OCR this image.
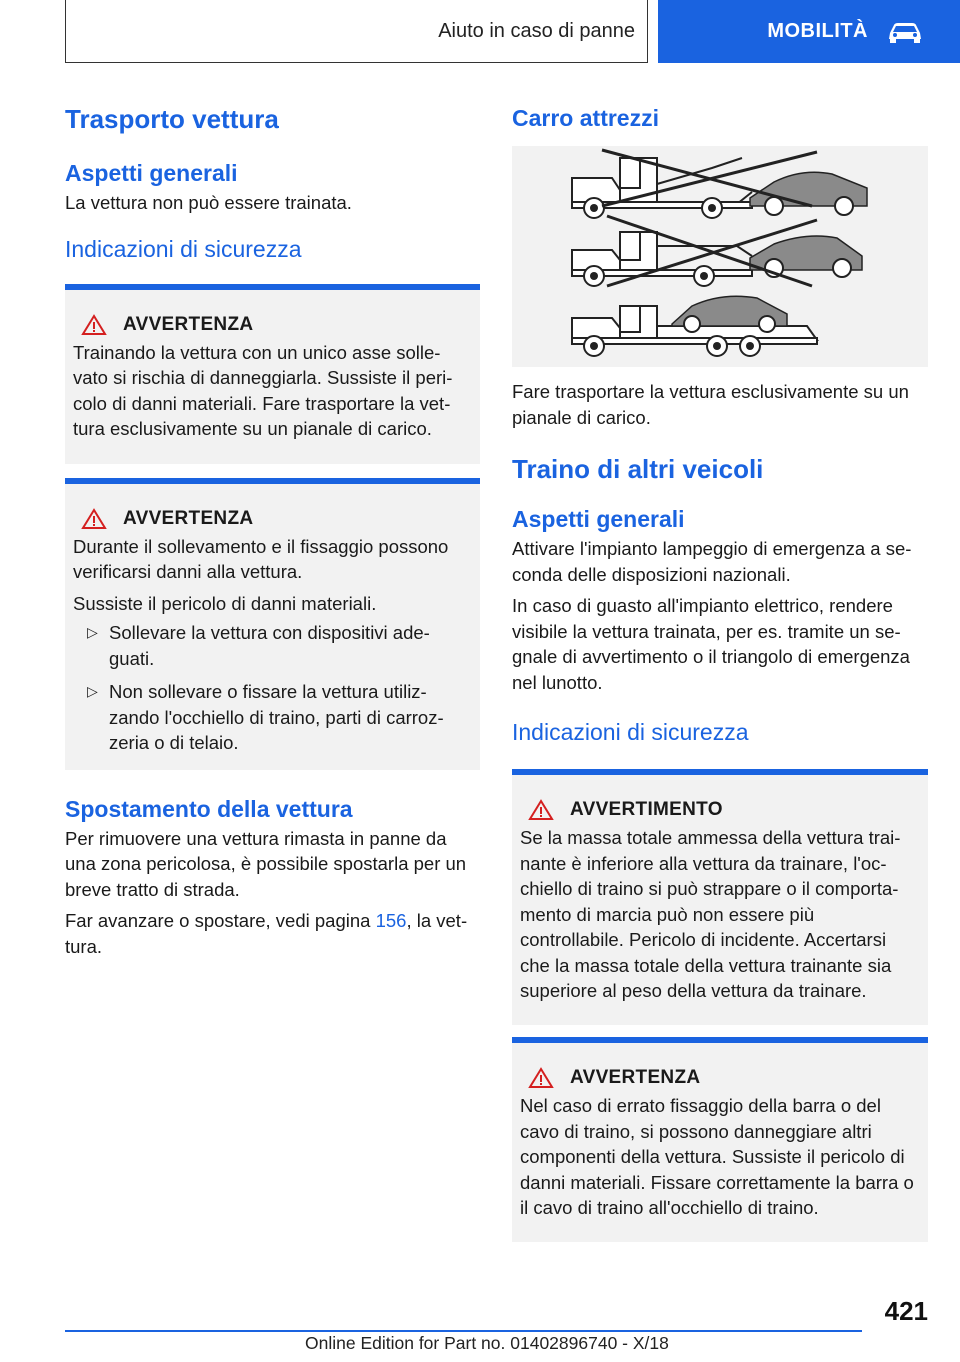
Aiuto in caso di panne	MOBILITÀ
Trasporto vettura
Aspetti generali

La vettura non può essere trainata.

Indicazioni di sicurezza
AVVERTENZA

Trainando la vettura con un unico asse solle-vato si rischia di danneggiarla. Sussiste il peri-colo di danni materiali. Fare trasportare la vet-tura esclusivamente su un pianale di carico.

AVVERTENZA

Durante il sollevamento e il fissaggio possono verificarsi danni alla vettura.

Sussiste il pericolo di danni materiali.

▷ Sollevare la vettura con dispositivi ade-guati.

▷ Non sollevare o fissare la vettura utiliz-zando l'occhiello di traino, parti di carroz-zeria o di telaio.

Spostamento della vettura

Per rimuovere una vettura rimasta in panne da una zona pericolosa, è possibile spostarla per un breve tratto di strada.

Far avanzare o spostare, vedi pagina 156, la vet-tura.

Carro attrezzi

Fare trasportare la vettura esclusivamente su un pianale di carico.

Traino di altri veicoli
Aspetti generali

Attivare l'impianto lampeggio di emergenza a se-conda delle disposizioni nazionali.

In caso di guasto all'impianto elettrico, rendere visibile la vettura trainata, per es. tramite un se-gnale di avvertimento o il triangolo di emergenza nel lunotto.

Indicazioni di sicurezza
AVVERTIMENTO

Se la massa totale ammessa della vettura trai-nante è inferiore alla vettura da trainare, l'oc-chiello di traino si può strappare o il comporta-mento di marcia può non essere più controllabile. Pericolo di incidente. Accertarsi che la massa totale della vettura trainante sia superiore al peso della vettura da trainare.

AVVERTENZA

Nel caso di errato fissaggio della barra o del cavo di traino, si possono danneggiare altri componenti della vettura. Sussiste il pericolo di danni materiali. Fissare correttamente la barra o il cavo di traino all'occhiello di traino.

421
Online Edition for Part no. 01402896740 - X/18
